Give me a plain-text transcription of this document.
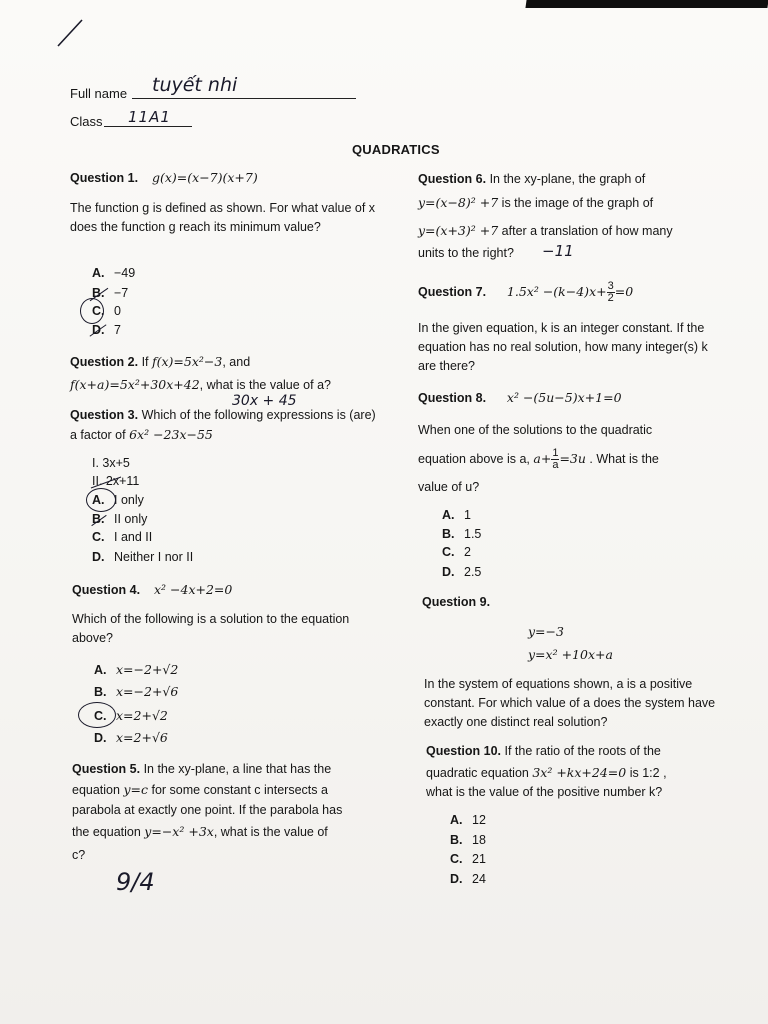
Full name tuyết nhi
Class 11A1
QUADRATICS
Question 1. g(x)=(x−7)(x+7)
The function g is defined as shown. For what value of x does the function g reach its minimum value?
A. −49
B. −7
C. 0
D. 7
Question 2. If f(x)=5x²−3, and
f(x+a)=5x²+30x+42, what is the value of a?
30x + 45
Question 3. Which of the following expressions is (are) a factor of 6x² −23x−55
I. 3x+5
II. 2x+11
A. I only
B. II only
C. I and II
D. Neither I nor II
Question 4. x² −4x+2=0
Which of the following is a solution to the equation above?
A. x=−2+√2
B. x=−2+√6
C. x=2+√2
D. x=2+√6
Question 5. In the xy-plane, a line that has the
equation y=c for some constant c intersects a
parabola at exactly one point. If the parabola has
the equation y=−x² +3x, what is the value of
c?
9/4
Question 6. In the xy-plane, the graph of
y=(x−8)² +7 is the image of the graph of
y=(x+3)² +7 after a translation of how many
units to the right? −11
Question 7. $1.5x^2 -(k-4)x+ \frac{3}{2} =0$
In the given equation, k is an integer constant. If the equation has no real solution, how many integer(s) k are there?
Question 8. x² −(5u−5)x+1=0
When one of the solutions to the quadratic
equation above is a, $a+ \frac{1}{a} =3u$ . What is the
value of u?
A. 1
B. 1.5
C. 2
D. 2.5
Question 9.
y=−3
y=x² +10x+a
In the system of equations shown, a is a positive constant. For which value of a does the system have exactly one distinct real solution?
Question 10. If the ratio of the roots of the
quadratic equation 3x² +kx+24=0 is 1:2 ,
what is the value of the positive number k?
A. 12
B. 18
C. 21
D. 24
